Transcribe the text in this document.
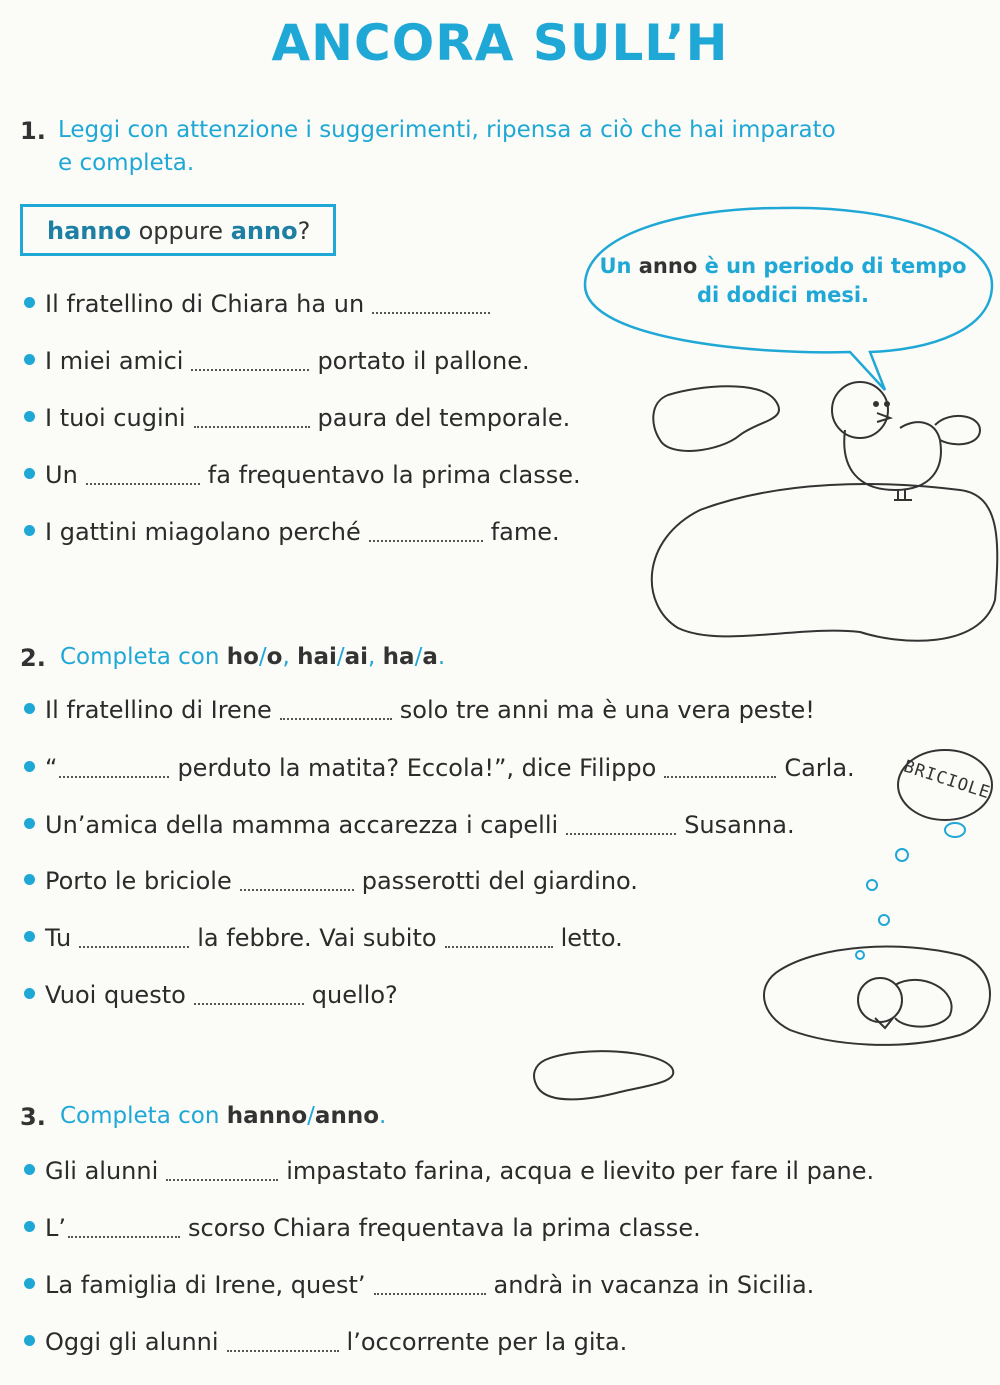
ANCORA SULL’H
1. Leggi con attenzione i suggerimenti, ripensa a ciò che hai imparato
e completa.
hanno oppure anno?
Un anno è un periodo di tempo
di dodici mesi.
Il fratellino di Chiara ha un
I miei amici	portato il pallone.
I tuoi cugini	paura del temporale.
Un	fa frequentavo la prima classe.
I gattini miagolano perché	fame.
2. Completa con ho/o, hai/ai, ha/a.
Il fratellino di Irene	solo tre anni ma è una vera peste!
“	perduto la matita? Eccola!”, dice Filippo	Carla.
Un’amica della mamma accarezza i capelli	Susanna.
Porto le briciole	passerotti del giardino.
Tu	la febbre. Vai subito	letto.
Vuoi questo	quello?
BRICIOLE
3. Completa con hanno/anno.
Gli alunni	impastato farina, acqua e lievito per fare il pane.
L’	scorso Chiara frequentava la prima classe.
La famiglia di Irene, quest’	andrà in vacanza in Sicilia.
Oggi gli alunni	l’occorrente per la gita.
